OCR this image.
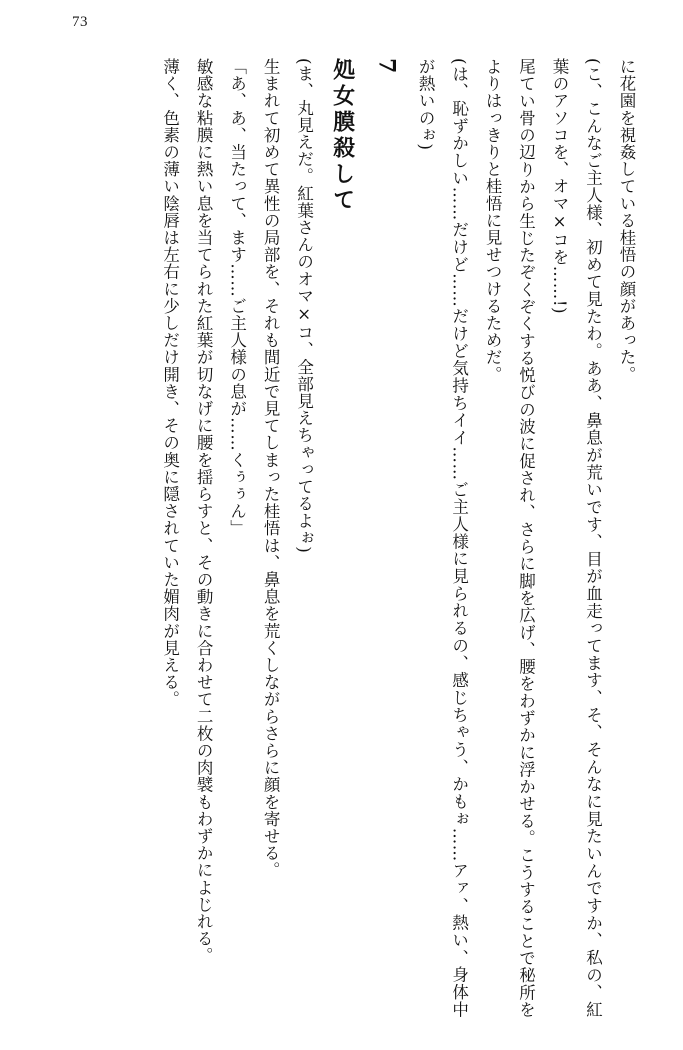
73

に花園を視姦している桂悟の顔があった。

(こ、こんなご主人様、初めて見たわ。ああ、鼻息が荒いです、目が血走ってます、そ、そんなに見たいんですか、私の、紅葉のアソコを、オマ×コを……!)

尾てい骨の辺りから生じたぞくぞくする悦びの波に促され、さらに脚を広げ、腰をわずかに浮かせる。こうすることで秘所をよりはっきりと桂悟に見せつけるためだ。

(は、恥ずかしい……だけど……だけど気持ちイイ……ご主人様に見られるの、感じちゃう、かもぉ……アァ、熱い、身体中が熱いのぉ)

7

処女膜殺して

(ま、丸見えだ。紅葉さんのオマ×コ、全部見えちゃってるよぉ)

生まれて初めて異性の局部を、それも間近で見てしまった桂悟は、鼻息を荒くしながらさらに顔を寄せる。

「あ、あ、当たって、ます……ご主人様の息が……くぅぅん」

敏感な粘膜に熱い息を当てられた紅葉が切なげに腰を揺らすと、その動きに合わせて二枚の肉襞もわずかによじれる。

薄く、色素の薄い陰唇は左右に少しだけ開き、その奥に隠されていた媚肉が見える。
